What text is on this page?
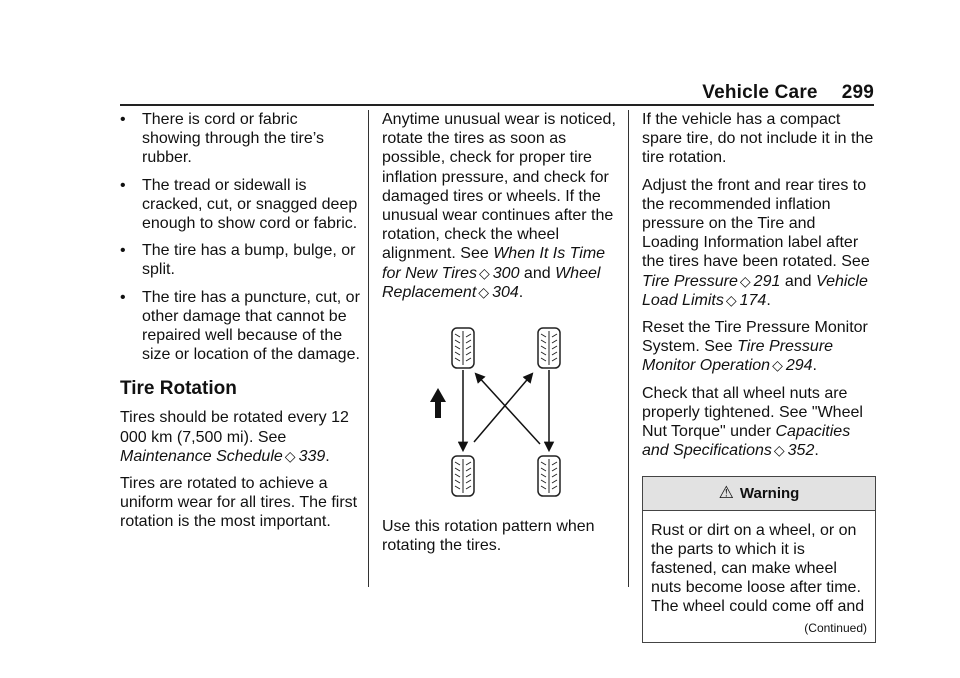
Vehicle Care 299
• There is cord or fabric showing through the tire’s rubber.
• The tread or sidewall is cracked, cut, or snagged deep enough to show cord or fabric.
• The tire has a bump, bulge, or split.
• The tire has a puncture, cut, or other damage that cannot be repaired well because of the size or location of the damage.
Tire Rotation

Tires should be rotated every 12 000 km (7,500 mi). See Maintenance Schedule ◇ 339.

Tires are rotated to achieve a uniform wear for all tires. The first rotation is the most important.

Anytime unusual wear is noticed, rotate the tires as soon as possible, check for proper tire inflation pressure, and check for damaged tires or wheels. If the unusual wear continues after the rotation, check the wheel alignment. See When It Is Time for New Tires ◇ 300 and Wheel Replacement ◇ 304.

Use this rotation pattern when rotating the tires.

If the vehicle has a compact spare tire, do not include it in the tire rotation.

Adjust the front and rear tires to the recommended inflation pressure on the Tire and Loading Information label after the tires have been rotated. See Tire Pressure ◇ 291 and Vehicle Load Limits ◇ 174.

Reset the Tire Pressure Monitor System. See Tire Pressure Monitor Operation ◇ 294.

Check that all wheel nuts are properly tightened. See "Wheel Nut Torque" under Capacities and Specifications ◇ 352.

⚠ Warning
Rust or dirt on a wheel, or on the parts to which it is fastened, can make wheel nuts become loose after time. The wheel could come off and
(Continued)
